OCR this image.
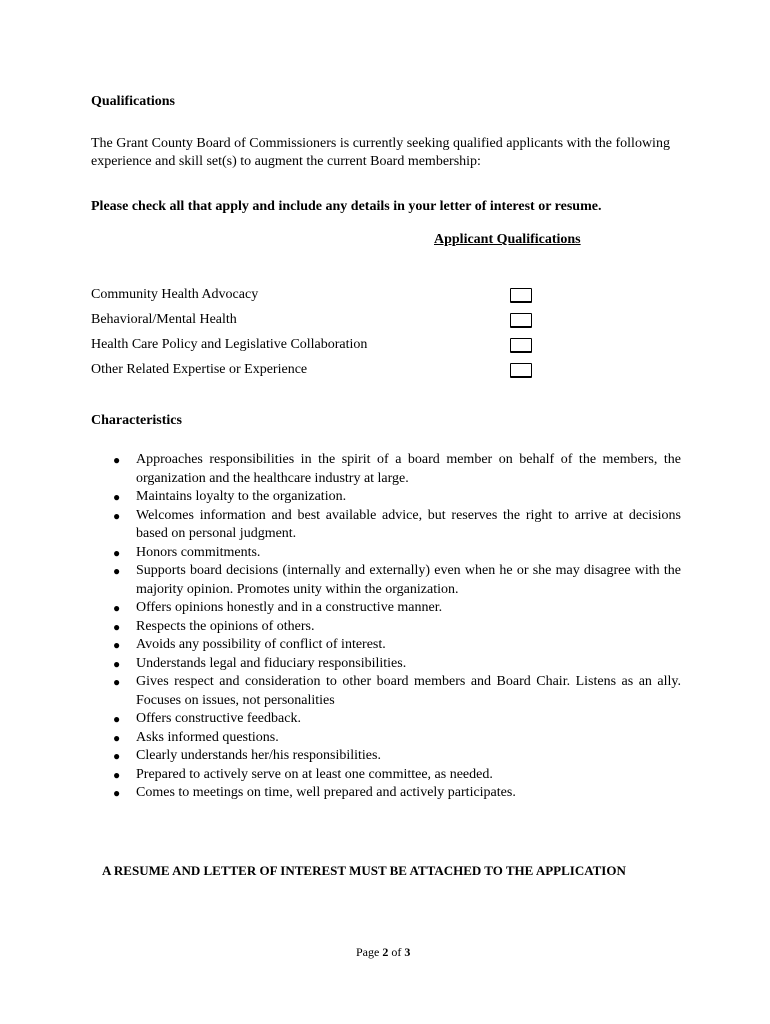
Qualifications
The Grant County Board of Commissioners is currently seeking qualified applicants with the following experience and skill set(s) to augment the current Board membership:
Please check all that apply and include any details in your letter of interest or resume.
Applicant Qualifications
Community Health Advocacy
Behavioral/Mental Health
Health Care Policy and Legislative Collaboration
Other Related Expertise or Experience
Characteristics
● Approaches responsibilities in the spirit of a board member on behalf of the members, the organization and the healthcare industry at large.
● Maintains loyalty to the organization.
● Welcomes information and best available advice, but reserves the right to arrive at decisions based on personal judgment.
● Honors commitments.
● Supports board decisions (internally and externally) even when he or she may disagree with the majority opinion. Promotes unity within the organization.
● Offers opinions honestly and in a constructive manner.
● Respects the opinions of others.
● Avoids any possibility of conflict of interest.
● Understands legal and fiduciary responsibilities.
● Gives respect and consideration to other board members and Board Chair. Listens as an ally. Focuses on issues, not personalities
● Offers constructive feedback.
● Asks informed questions.
● Clearly understands her/his responsibilities.
● Prepared to actively serve on at least one committee, as needed.
● Comes to meetings on time, well prepared and actively participates.
A RESUME AND LETTER OF INTEREST MUST BE ATTACHED TO THE APPLICATION
Page 2 of 3
